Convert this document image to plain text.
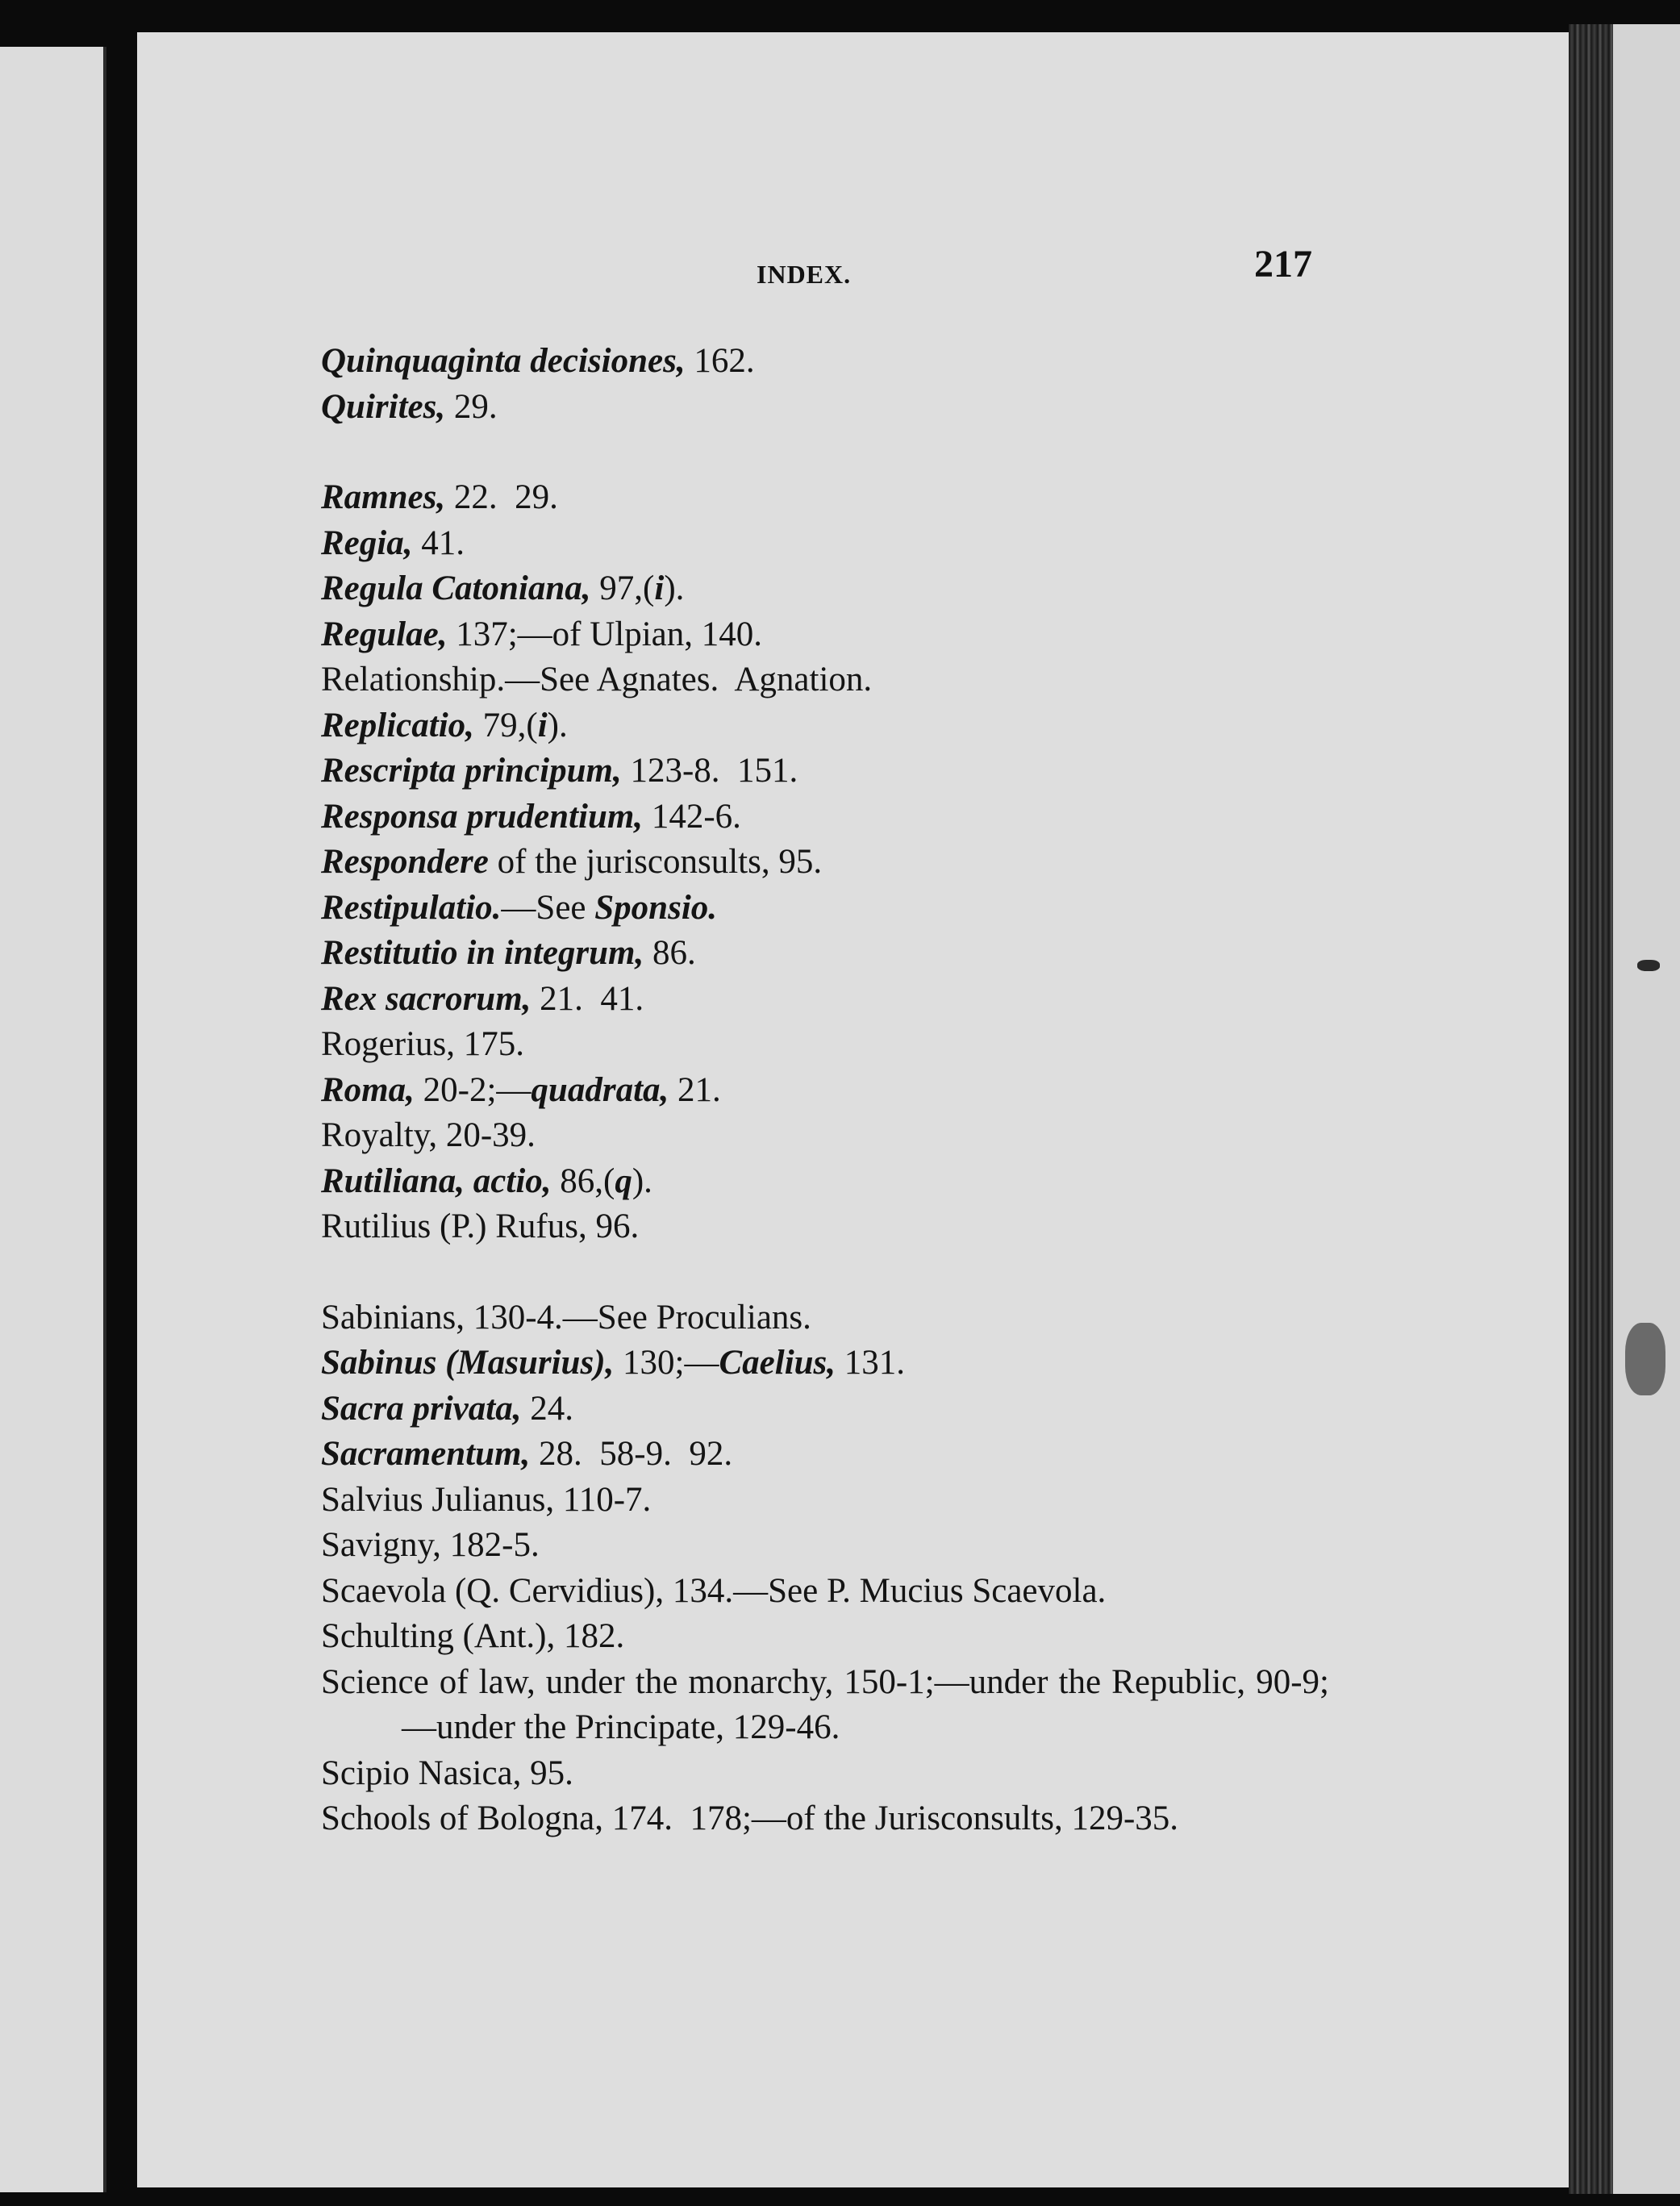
INDEX.	217
Quinquaginta decisiones, 162.
Quirites, 29.
Ramnes, 22.  29.
Regia, 41.
Regula Catoniana, 97,(i).
Regulae, 137;—of Ulpian, 140.
Relationship.—See Agnates.  Agnation.
Replicatio, 79,(i).
Rescripta principum, 123-8.  151.
Responsa prudentium, 142-6.
Respondere of the jurisconsults, 95.
Restipulatio.—See Sponsio.
Restitutio in integrum, 86.
Rex sacrorum, 21.  41.
Rogerius, 175.
Roma, 20-2;—quadrata, 21.
Royalty, 20-39.
Rutiliana, actio, 86,(q).
Rutilius (P.) Rufus, 96.
Sabinians, 130-4.—See Proculians.
Sabinus (Masurius), 130;—Caelius, 131.
Sacra privata, 24.
Sacramentum, 28.  58-9.  92.
Salvius Julianus, 110-7.
Savigny, 182-5.
Scaevola (Q. Cervidius), 134.—See P. Mucius Scaevola.
Schulting (Ant.), 182.
Science of law, under the monarchy, 150-1;—under the Republic, 90-9;—under the Principate, 129-46.
Scipio Nasica, 95.
Schools of Bologna, 174.  178;—of the Jurisconsults, 129-35.
